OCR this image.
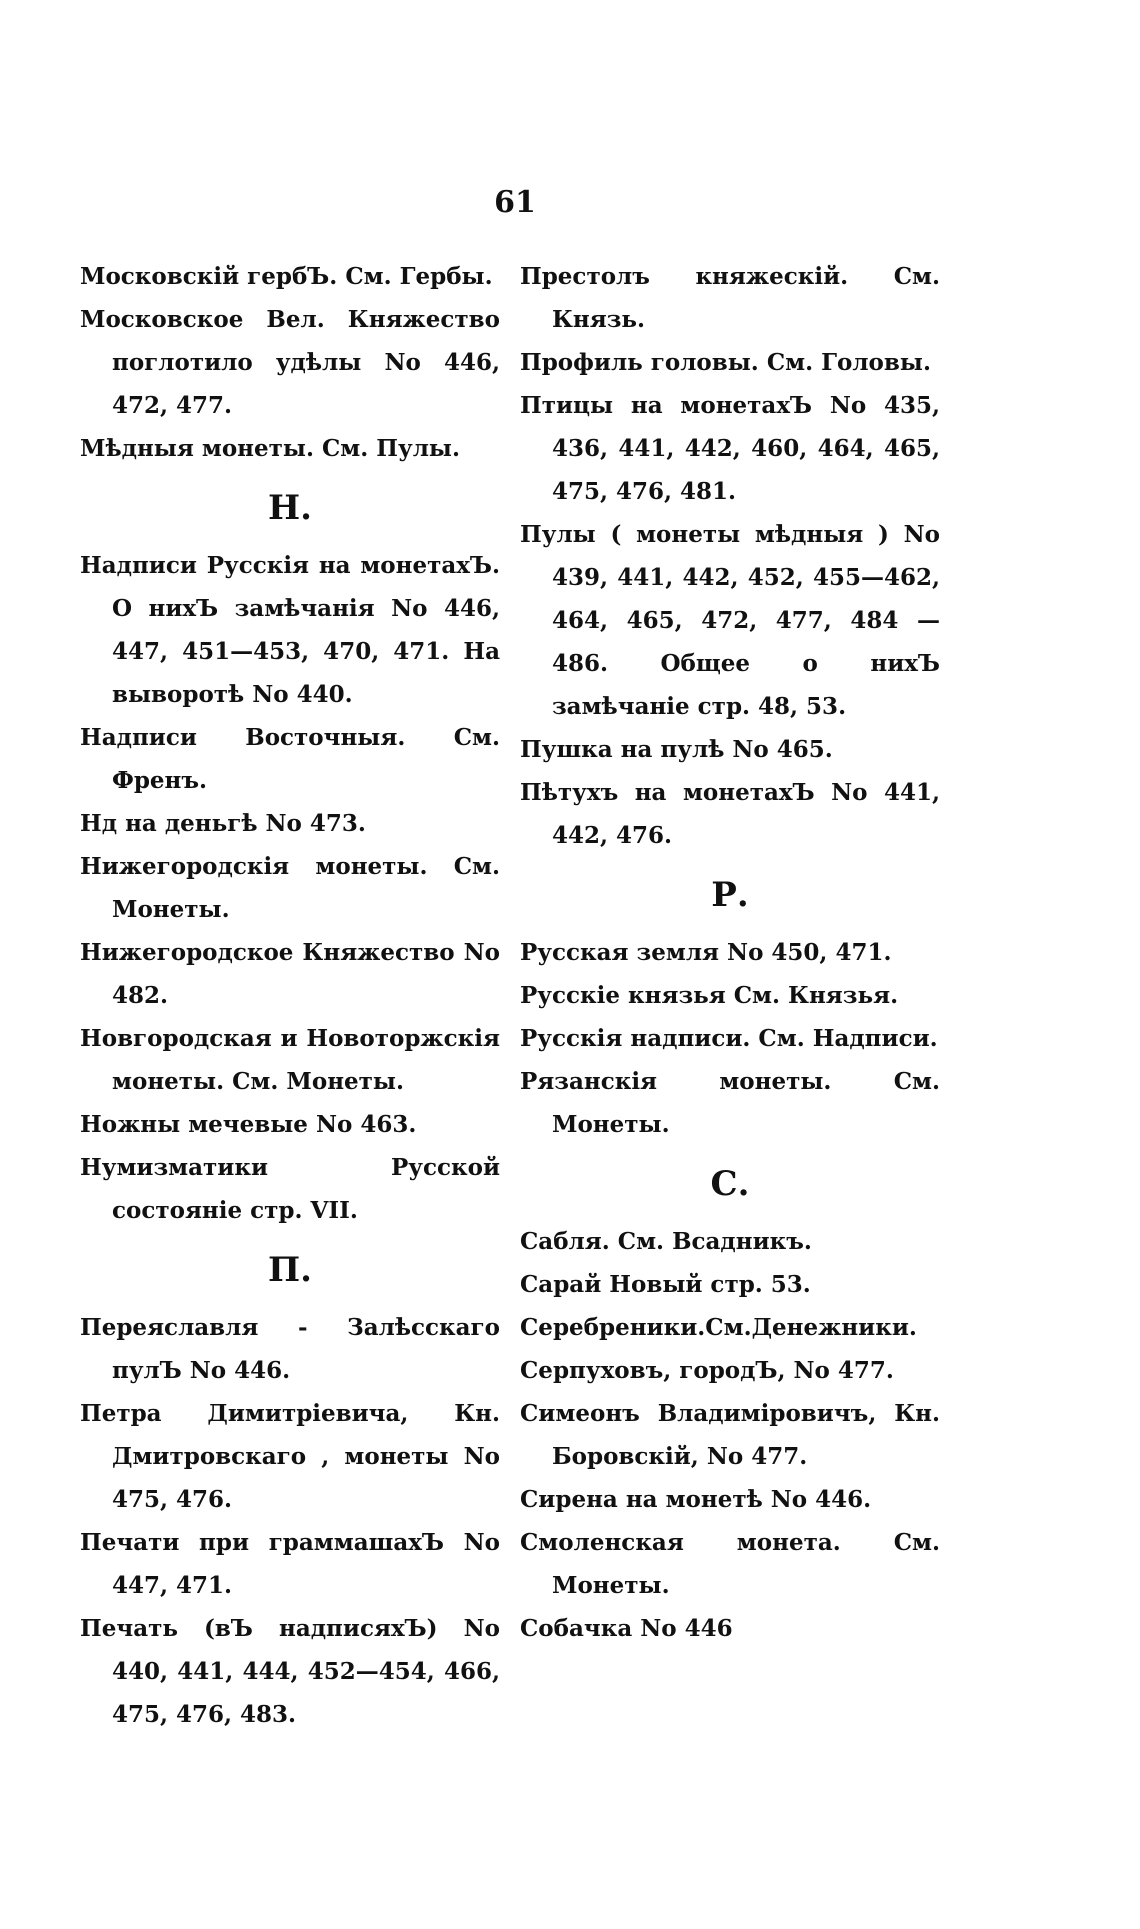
61
Московскій гербЪ. См. Гербы.
Московское Вел. Княжество поглотило удѣлы No 446, 472, 477.
Мѣдныя монеты. См. Пулы.
Н.
Надписи Русскія на монетахЪ. О нихЪ замѣчанія No 446, 447, 451—453, 470, 471. На выворотѣ No 440.
Надписи Восточныя. См. Френъ.
Нд на деньгѣ No 473.
Нижегородскія монеты. См. Монеты.
Нижегородское Княжество No 482.
Новгородская и Новоторжскія монеты. См. Монеты.
Ножны мечевые No 463.
Нумизматики Русской состояніе стр. VII.
П.
Переяславля - Залѣсскаго пулЪ No 446.
Петра Димитріевича, Кн. Дмитровскаго , монеты No 475, 476.
Печати при граммашахЪ No 447, 471.
Печать (вЪ надписяхЪ) No 440, 441, 444, 452—454, 466, 475, 476, 483.
Престолъ княжескій. См. Князь.
Профиль головы. См. Головы.
Птицы на монетахЪ No 435, 436, 441, 442, 460, 464, 465, 475, 476, 481.
Пулы ( монеты мѣдныя ) No 439, 441, 442, 452, 455—462, 464, 465, 472, 477, 484 —486. Общее о нихЪ замѣчаніе стр. 48, 53.
Пушка на пулѣ No 465.
Пѣтухъ на монетахЪ No 441, 442, 476.
Р.
Русская земля No 450, 471.
Русскіе князья См. Князья.
Русскія надписи. См. Надписи.
Рязанскія монеты. См. Монеты.
С.
Сабля. См. Всадникъ.
Сарай Новый стр. 53.
Серебреники.См.Денежники.
Серпуховъ, городЪ, No 477.
Симеонъ Владиміровичъ, Кн. Боровскій, No 477.
Сирена на монетѣ No 446.
Смоленская монета. См. Монеты.
Собачка No 446
